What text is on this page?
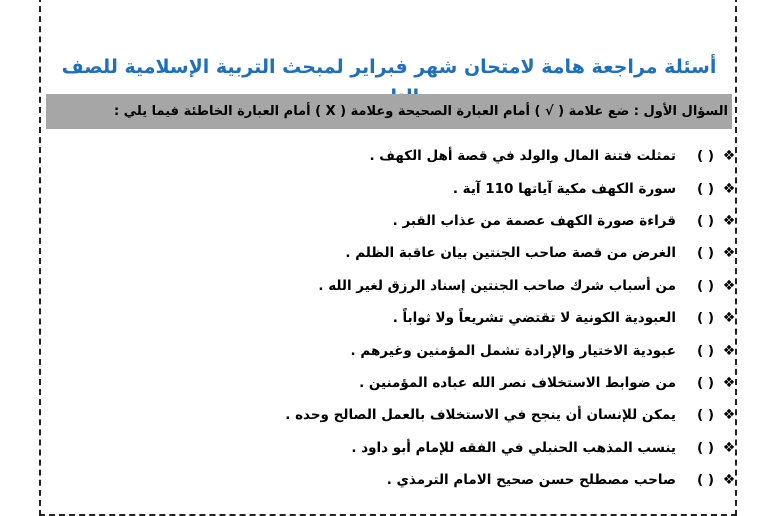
أسئلة مراجعة هامة لامتحان شهر فبراير لمبحث التربية الإسلامية للصف
السؤال الأول : ضع علامة ( √ ) أمام العبارة الصحيحة وعلامة ( X ) أمام العبارة الخاطئة فيما يلي :
❖
( )
تمثلت فتنة المال والولد في قصة أهل الكهف .
❖
( )
سورة الكهف مكية آياتها 110 آية .
❖
( )
قراءة صورة الكهف عصمة من عذاب القبر .
❖
( )
الغرض من قصة صاحب الجنتين بيان عاقبة الظلم .
❖
( )
من أسباب شرك صاحب الجنتين إسناد الرزق لغير الله .
❖
( )
العبودية الكونية لا تقتضي تشريعاً ولا ثواباً .
❖
( )
عبودية الاختيار والإرادة تشمل المؤمنين وغيرهم .
❖
( )
من ضوابط الاستخلاف نصر الله عباده المؤمنين .
❖
( )
يمكن للإنسان أن ينجح في الاستخلاف بالعمل الصالح وحده .
❖
( )
ينسب المذهب الحنبلي في الفقه للإمام أبو داود .
❖
( )
صاحب مصطلح حسن صحيح الامام الترمذي .
